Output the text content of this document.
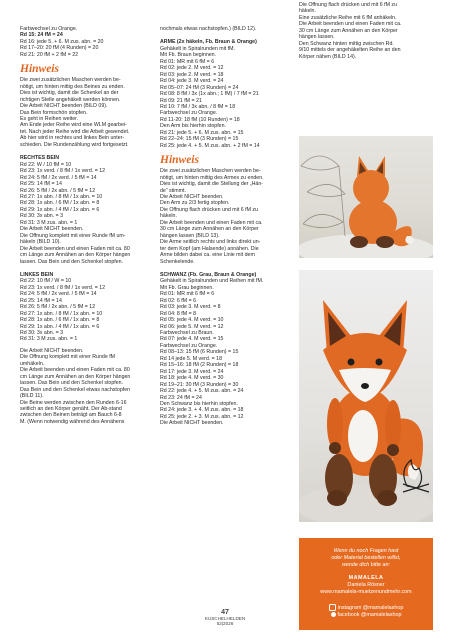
Farbwechsel zu Orange.
Rd 15: 24 fM = 24
Rd 16: jede 5. + 6. M zus. abn. = 20
Rd 17–20: 20 fM (4 Runden) = 20
Rd 21: 20 fM + 2 fM = 22
Hinweis
Die zwei zusätzlichen Maschen werden be-
nötigt, um hinten mittig des Beines zu enden.
Dies ist wichtig, damit die Schenkel an der
richtigen Stelle angehäkelt werden können.
Die Arbeit NICHT beenden (BILD 09).
Das Bein formschön stopfen.
Es geht in Reihen weiter.
Am Ende jeder Reihe wird eine WLM gearbei-
tet. Nach jeder Reihe wird die Arbeit gewendet.
Ab hier wird in rechtes und linkes Bein unter-
schieden. Die Rundenzählung wird fortgesetzt.
RECHTES BEIN
Rd 22: W / 10 fM = 10
Rd 23: 1x verd. / 8 fM / 1x verd. = 12
Rd 24: 5 fM / 2x verd. / 5 fM = 14
Rd 25: 14 fM = 14
Rd 26: 5 fM / 2x abn. / 5 fM = 12
Rd 27: 1x abn. / 8 fM / 1x abn. = 10
Rd 28: 1x abn. / 6 fM / 1x abn. = 8
Rd 29: 1x abn. / 4 fM / 1x abn. = 6
Rd 30: 3x abn. = 3
Rd 31: 3 M zus. abn. = 1
Die Arbeit NICHT beenden.
Die Öffnung komplett mit einer Runde fM um-
häkeln (BILD 10).
Die Arbeit beenden und einen Faden mit ca. 80
cm Länge zum Annähen an den Körper hängen
lassen. Das Bein und den Schenkel stopfen.
LINKES BEIN
Rd 22: 10 fM / W = 10
Rd 23: 1x verd. / 8 fM / 1x verd. = 12
Rd 24: 5 fM / 2x verd. / 5 fM = 14
Rd 25: 14 fM = 14
Rd 26: 5 fM / 2x abn. / 5 fM = 12
Rd 27: 1x abn. / 8 fM / 1x abn. = 10
Rd 28: 1x abn. / 6 fM / 1x abn. = 8
Rd 29: 1x abn. / 4 fM / 1x abn. = 6
Rd 30: 3x abn. = 3
Rd 31: 3 M zus. abn. = 1
Die Arbeit NICHT beenden.
Die Öffnung komplett mit einer Runde fM
umhäkeln.
Die Arbeit beenden und einen Faden mit ca. 80
cm Länge zum Annähen an den Körper hängen
lassen. Das Bein und den Schenkel stopfen.
Das Bein und den Schenkel etwas nachstopfen
(BILD 11).
Die Beine werden zwischen den Runden 6-16
seitlich an den Körper genäht. Der Ab-stand
zwischen den Beinen beträgt am Bauch 6-8
M. (Wenn notwendig während des Annähens
nochmals etwas nachstopfen.) (BILD 12).
ARME (2x häkeln, Fb. Braun & Orange)
Gehäkelt in Spiralrunden mit fM.
Mit Fb. Braun beginnen.
Rd 01: MR mit 6 fM = 6
Rd 02: jede 2. M verd. = 12
Rd 03: jede 2. M verd. = 18
Rd 04: jede 3. M verd. = 24
Rd 05–07: 24 fM (3 Runden) = 24
Rd 08: 8 fM / 3x (1x abn.; 1 fM) / 7 fM = 21
Rd 09: 21 fM = 21
Rd 10: 7 fM / 3x abn. / 8 fM = 18
Farbwechsel zu Orange.
Rd 11-20: 18 fM (10 Runden) = 18
Den Arm bis hierhin stopfen.
Rd 21: jede 5. + 6. M zus. abn. = 15
Rd 22–24: 15 fM (3 Runden) = 15
Rd 25: jede 4. + 5. M zus. abn. + 2 fM = 14
Hinweis
Die zwei zusätzlichen Maschen werden be-
nötigt, um hinten mittig des Armes zu enden.
Dies ist wichtig, damit die Stellung der „Hän-
de“ stimmt.
Die Arbeit NICHT beenden.
Den Arm zu 2/3 fertig stopfen.
Die Öffnung flach drücken und mit 6 fM zu
häkeln.
Die Arbeit beenden und einen Faden mit ca.
30 cm Länge zum Annähen an den Körper
hängen lassen (BILD 13).
Die Arme seitlich rechts und links direkt un-
ter dem Kopf (am Halsende) annähen. Die
Arme bilden dabei ca. eine Linie mit dem
Schenkelende.
SCHWANZ (Fb. Grau, Braun & Orange)
Gehäkelt in Spiralrunden und Reihen mit fM.
Mit Fb. Grau beginnen.
Rd 01: MR mit 6 fM = 6
Rd 02: 6 fM = 6
Rd 03: jede 3. M verd. = 8
Rd 04: 8 fM = 8
Rd 05: jede 4. M verd. = 10
Rd 06: jede 5. M verd. = 12
Farbwechsel zu Braun.
Rd 07: jede 4. M verd. = 15
Farbwechsel zu Orange.
Rd 08–13: 15 fM (6 Runden) = 15
Rd 14 jede 5. M verd. = 18
Rd 15–16: 18 fM (2 Runden) = 18
Rd 17: jede 3. M verd. = 24
Rd 18: jede 4. M verd. = 30
Rd 19–21: 30 fM (3 Runden) = 30
Rd 22: jede 4. + 5. M zus. abn. = 24
Rd 23: 24 fM = 24
Den Schwanz bis hierhin stopfen.
Rd 24: jede 3. + 4. M zus. abn. = 18
Rd 25: jede 2. + 3. M zus. abn. = 12
Die Arbeit NICHT beenden.
Die Öffnung flach drücken und mit 6 fM zu
häkeln.
Eine zusätzliche Reihe mit 6 fM anhäkeln.
Die Arbeit beenden und einen Faden mit ca.
30 cm Länge zum Annähen an den Körper
hängen lassen.
Den Schwanz hinten mittig zwischen Rd.
9/10 mittels der angehäkelten Reihe an den
Körper nähen (BILD 14).
Wenn du noch Fragen hast
oder Material bestellen willst,
wende dich bitte an:
MAMALELA
Daniela Rösner
www.mamalela-muetzenundmehr.com
instagram @mamalelashop
facebook @mamalelashop
47
KUSCHELHELDEN
52|2026
